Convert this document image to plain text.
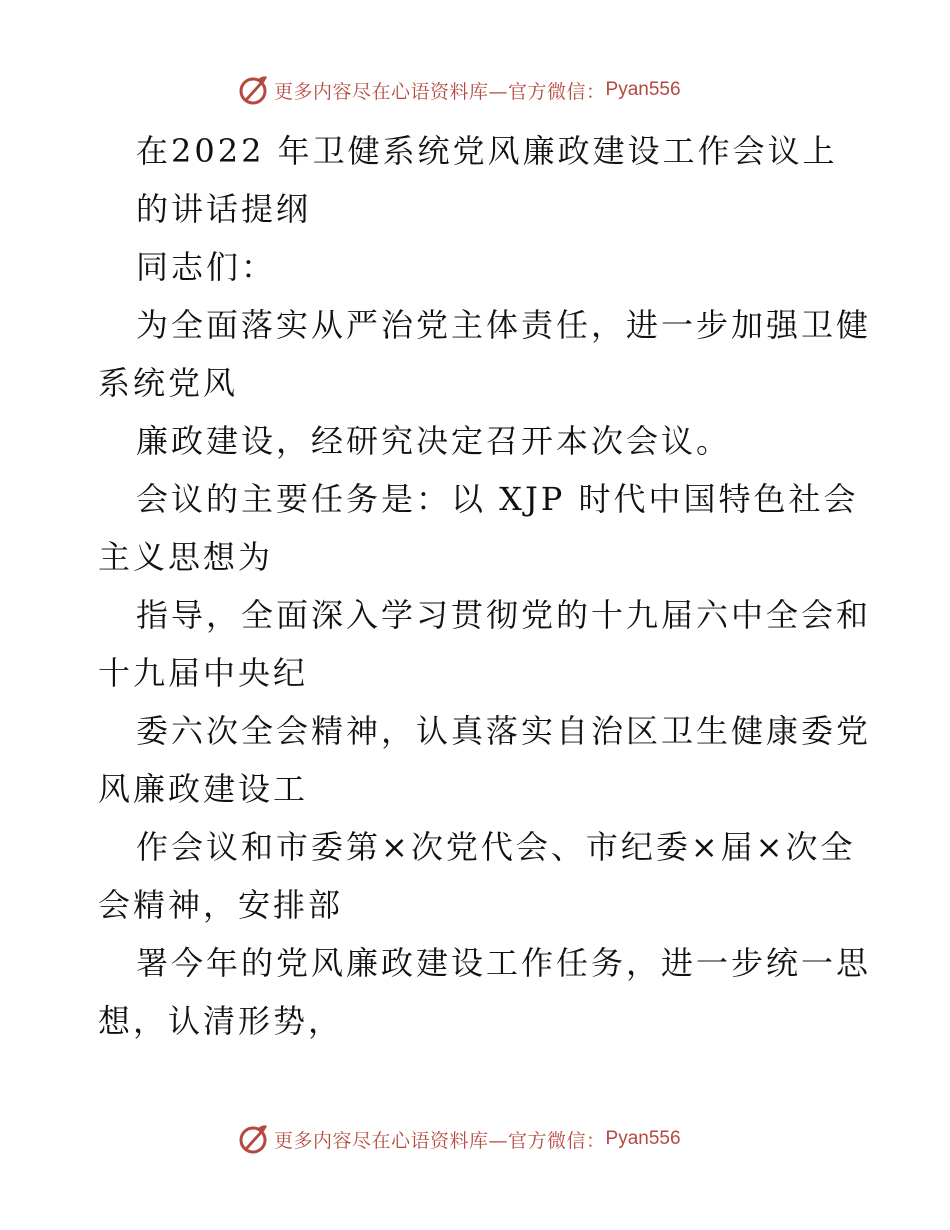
更多内容尽在心语资料库—官方微信： Pyan556
在2022 年卫健系统党风廉政建设工作会议上
的讲话提纲
同志们：
为全面落实从严治党主体责任，进一步加强卫健
系统党风
廉政建设，经研究决定召开本次会议。
会议的主要任务是：以 XJP 时代中国特色社会
主义思想为
指导，全面深入学习贯彻党的十九届六中全会和
十九届中央纪
委六次全会精神，认真落实自治区卫生健康委党
风廉政建设工
作会议和市委第×次党代会、市纪委×届×次全
会精神，安排部
署今年的党风廉政建设工作任务，进一步统一思
想，认清形势，
更多内容尽在心语资料库—官方微信： Pyan556
